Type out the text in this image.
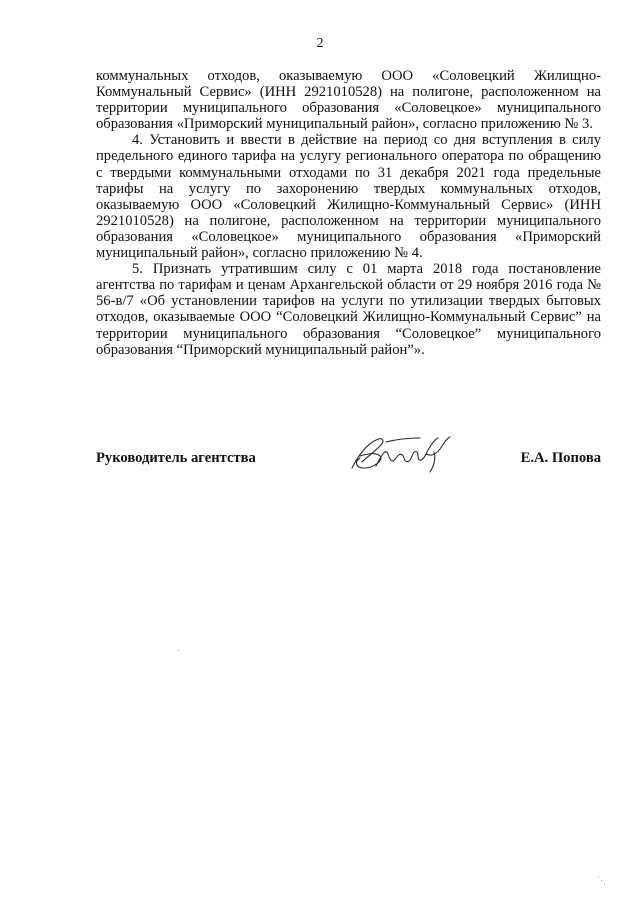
2

коммунальных отходов, оказываемую ООО «Соловецкий Жилищно-Коммунальный Сервис» (ИНН 2921010528) на полигоне, расположенном на территории муниципального образования «Соловецкое» муниципального образования «Приморский муниципальный район», согласно приложению № 3.

4. Установить и ввести в действие на период со дня вступления в силу предельного единого тарифа на услугу регионального оператора по обращению с твердыми коммунальными отходами по 31 декабря 2021 года предельные тарифы на услугу по захоронению твердых коммунальных отходов, оказываемую ООО «Соловецкий Жилищно-Коммунальный Сервис» (ИНН 2921010528) на полигоне, расположенном на территории муниципального образования «Соловецкое» муниципального образования «Приморский муниципальный район», согласно приложению № 4.

5. Признать утратившим силу с 01 марта 2018 года постановление агентства по тарифам и ценам Архангельской области от 29 ноября 2016 года № 56-в/7 «Об установлении тарифов на услуги по утилизации твердых бытовых отходов, оказываемые ООО “Соловецкий Жилищно-Коммунальный Сервис” на территории муниципального образования “Соловецкое” муниципального образования “Приморский муниципальный район”».

Руководитель агентства	Е.А. Попова
